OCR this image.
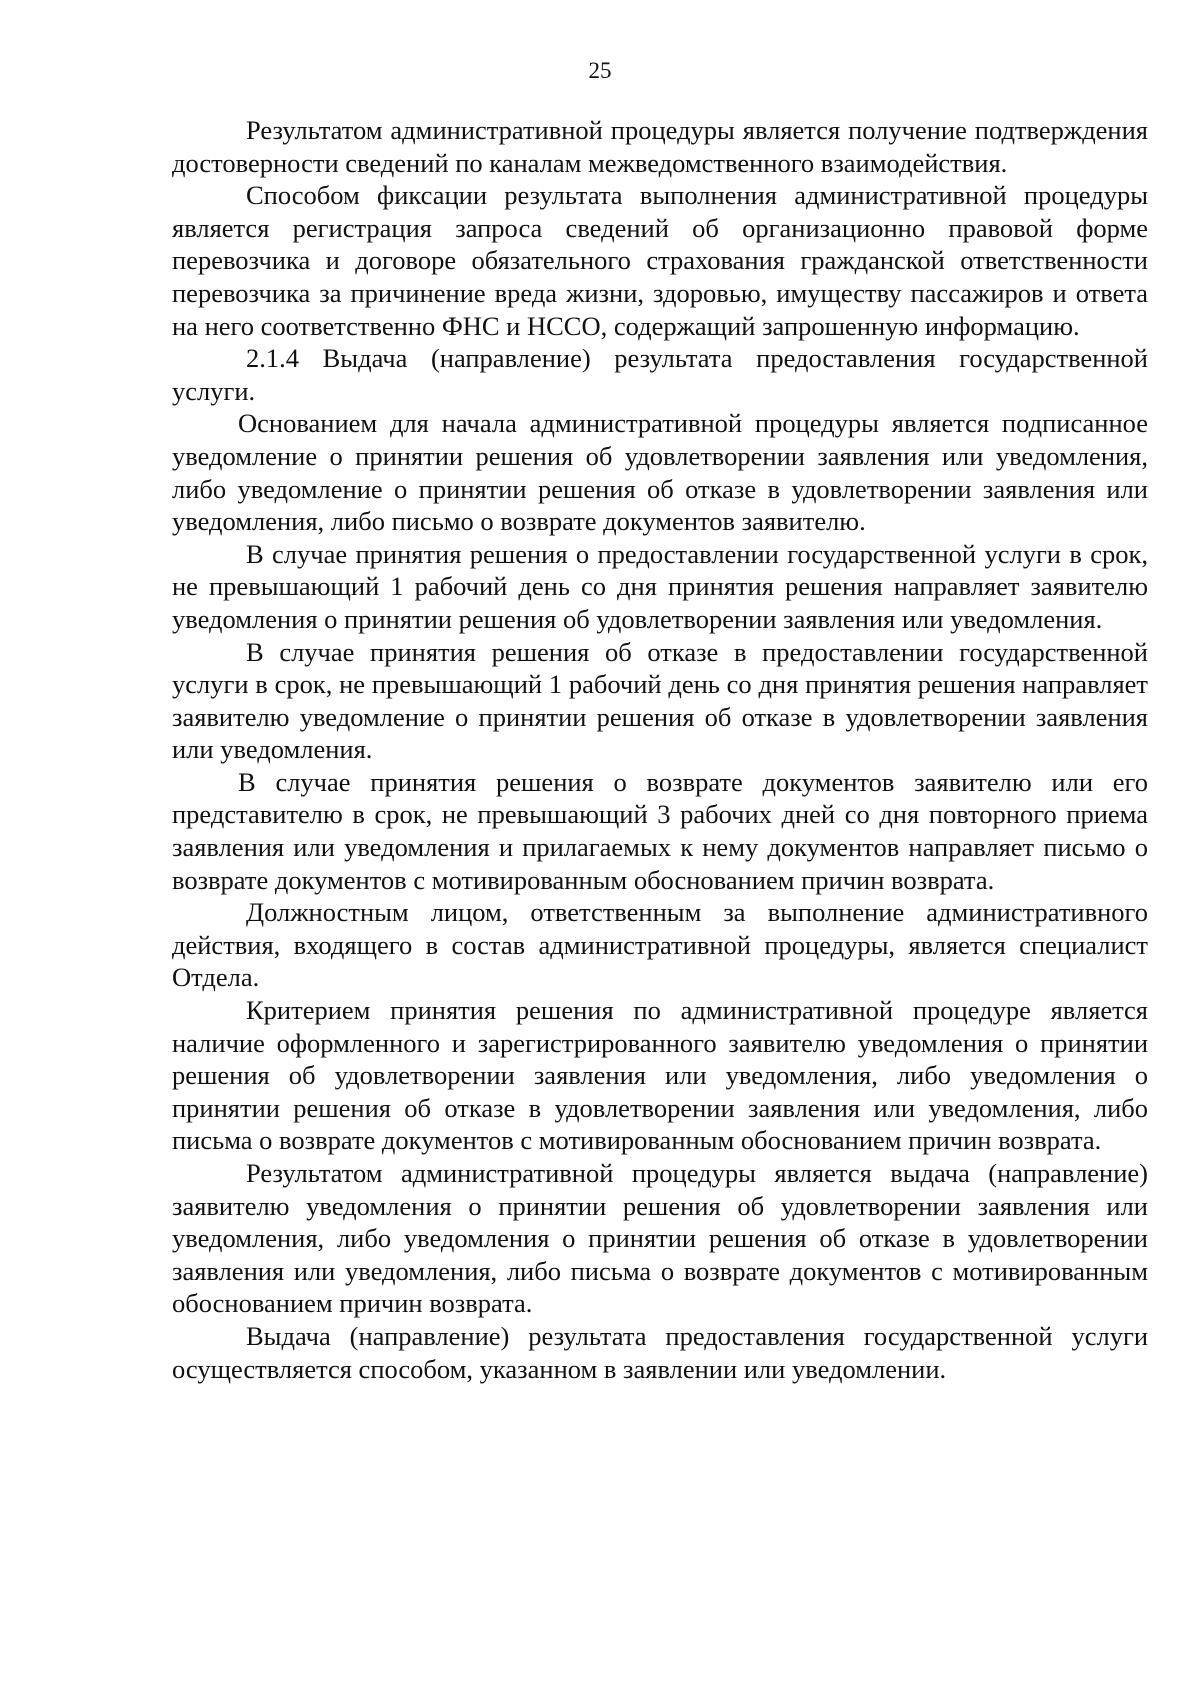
25

Результатом административной процедуры является получение подтверждения достоверности сведений по каналам межведомственного взаимодействия.

Способом фиксации результата выполнения административной процедуры является регистрация запроса сведений об организационно правовой форме перевозчика и договоре обязательного страхования гражданской ответственности перевозчика за причинение вреда жизни, здоровью, имуществу пассажиров и ответа на него соответственно ФНС и НССО, содержащий запрошенную информацию.

2.1.4 Выдача (направление) результата предоставления государственной услуги.

Основанием для начала административной процедуры является подписанное уведомление о принятии решения об удовлетворении заявления или уведомления, либо уведомление о принятии решения об отказе в удовлетворении заявления или уведомления, либо письмо о возврате документов заявителю.

В случае принятия решения о предоставлении государственной услуги в срок, не превышающий 1 рабочий день со дня принятия решения направляет заявителю уведомления о принятии решения об удовлетворении заявления или уведомления.

В случае принятия решения об отказе в предоставлении государственной услуги в срок, не превышающий 1 рабочий день со дня принятия решения направляет заявителю уведомление о принятии решения об отказе в удовлетворении заявления или уведомления.

В случае принятия решения о возврате документов заявителю или его представителю в срок, не превышающий 3 рабочих дней со дня повторного приема заявления или уведомления и прилагаемых к нему документов направляет письмо о возврате документов с мотивированным обоснованием причин возврата.

Должностным лицом, ответственным за выполнение административного действия, входящего в состав административной процедуры, является специалист Отдела.

Критерием принятия решения по административной процедуре является наличие оформленного и зарегистрированного заявителю уведомления о принятии решения об удовлетворении заявления или уведомления, либо уведомления о принятии решения об отказе в удовлетворении заявления или уведомления, либо письма о возврате документов с мотивированным обоснованием причин возврата.

Результатом административной процедуры является выдача (направление) заявителю уведомления о принятии решения об удовлетворении заявления или уведомления, либо уведомления о принятии решения об отказе в удовлетворении заявления или уведомления, либо письма о возврате документов с мотивированным обоснованием причин возврата.

Выдача (направление) результата предоставления государственной услуги осуществляется способом, указанном в заявлении или уведомлении.
